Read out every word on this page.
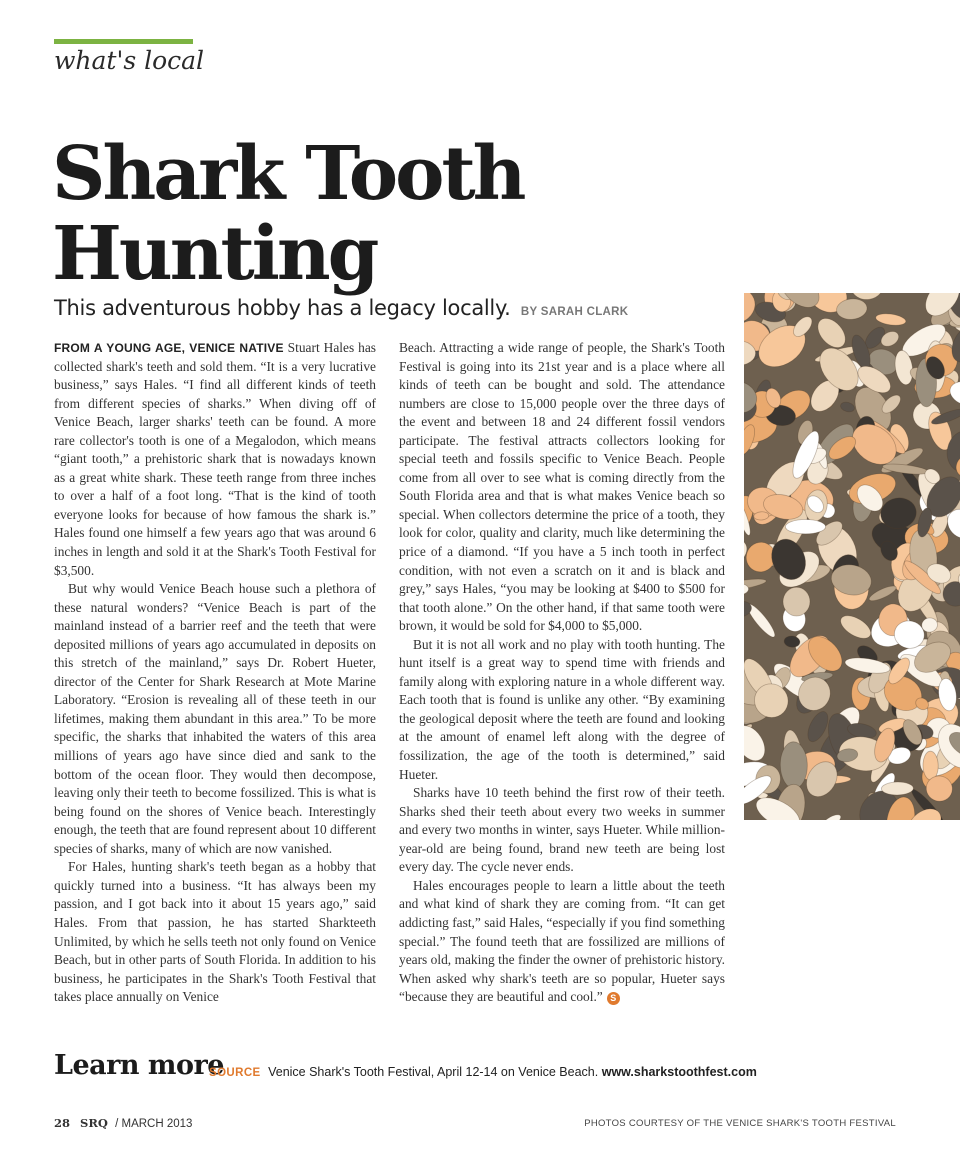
what's local
Shark Tooth
Hunting
This adventurous hobby has a legacy locally. BY SARAH CLARK

FROM A YOUNG AGE, VENICE NATIVE Stuart Hales has collected shark's teeth and sold them. “It is a very lucrative business,” says Hales. “I find all different kinds of teeth from different species of sharks.” When diving off of Venice Beach, larger sharks' teeth can be found. A more rare collector's tooth is one of a Megalodon, which means “giant tooth,” a prehistoric shark that is nowadays known as a great white shark. These teeth range from three inches to over a half of a foot long. “That is the kind of tooth everyone looks for because of how famous the shark is.” Hales found one himself a few years ago that was around 6 inches in length and sold it at the Shark's Tooth Festival for $3,500.

But why would Venice Beach house such a plethora of these natural wonders? “Venice Beach is part of the mainland instead of a barrier reef and the teeth that were deposited millions of years ago accumulated in deposits on this stretch of the mainland,” says Dr. Robert Hueter, director of the Center for Shark Research at Mote Marine Laboratory. “Erosion is revealing all of these teeth in our lifetimes, making them abundant in this area.” To be more specific, the sharks that inhabited the waters of this area millions of years ago have since died and sank to the bottom of the ocean floor. They would then decompose, leaving only their teeth to become fossilized. This is what is being found on the shores of Venice beach. Interestingly enough, the teeth that are found represent about 10 different species of sharks, many of which are now vanished.

For Hales, hunting shark's teeth began as a hobby that quickly turned into a business. “It has always been my passion, and I got back into it about 15 years ago,” said Hales. From that passion, he has started Sharkteeth Unlimited, by which he sells teeth not only found on Venice Beach, but in other parts of South Florida. In addition to his business, he participates in the Shark's Tooth Festival that takes place annually on Venice

Beach. Attracting a wide range of people, the Shark's Tooth Festival is going into its 21st year and is a place where all kinds of teeth can be bought and sold. The attendance numbers are close to 15,000 people over the three days of the event and between 18 and 24 different fossil vendors participate. The festival attracts collectors looking for special teeth and fossils specific to Venice Beach. People come from all over to see what is coming directly from the South Florida area and that is what makes Venice beach so special. When collectors determine the price of a tooth, they look for color, quality and clarity, much like determining the price of a diamond. “If you have a 5 inch tooth in perfect condition, with not even a scratch on it and is black and grey,” says Hales, “you may be looking at $400 to $500 for that tooth alone.” On the other hand, if that same tooth were brown, it would be sold for $4,000 to $5,000.

But it is not all work and no play with tooth hunting. The hunt itself is a great way to spend time with friends and family along with exploring nature in a whole different way. Each tooth that is found is unlike any other. “By examining the geological deposit where the teeth are found and looking at the amount of enamel left along with the degree of fossilization, the age of the tooth is determined,” said Hueter.

Sharks have 10 teeth behind the first row of their teeth. Sharks shed their teeth about every two weeks in summer and every two months in winter, says Hueter. While million-year-old are being found, brand new teeth are being lost every day. The cycle never ends.

Hales encourages people to learn a little about the teeth and what kind of shark they are coming from. “It can get addicting fast,” said Hales, “especially if you find something special.” The found teeth that are fossilized are millions of years old, making the finder the owner of prehistoric history. When asked why shark's teeth are so popular, Hueter says “because they are beautiful and cool.” S

Learn more
SOURCE Venice Shark's Tooth Festival, April 12-14 on Venice Beach. www.sharkstoothfest.com
28 SRQ / MARCH 2013	PHOTOS COURTESY OF THE VENICE SHARK'S TOOTH FESTIVAL
